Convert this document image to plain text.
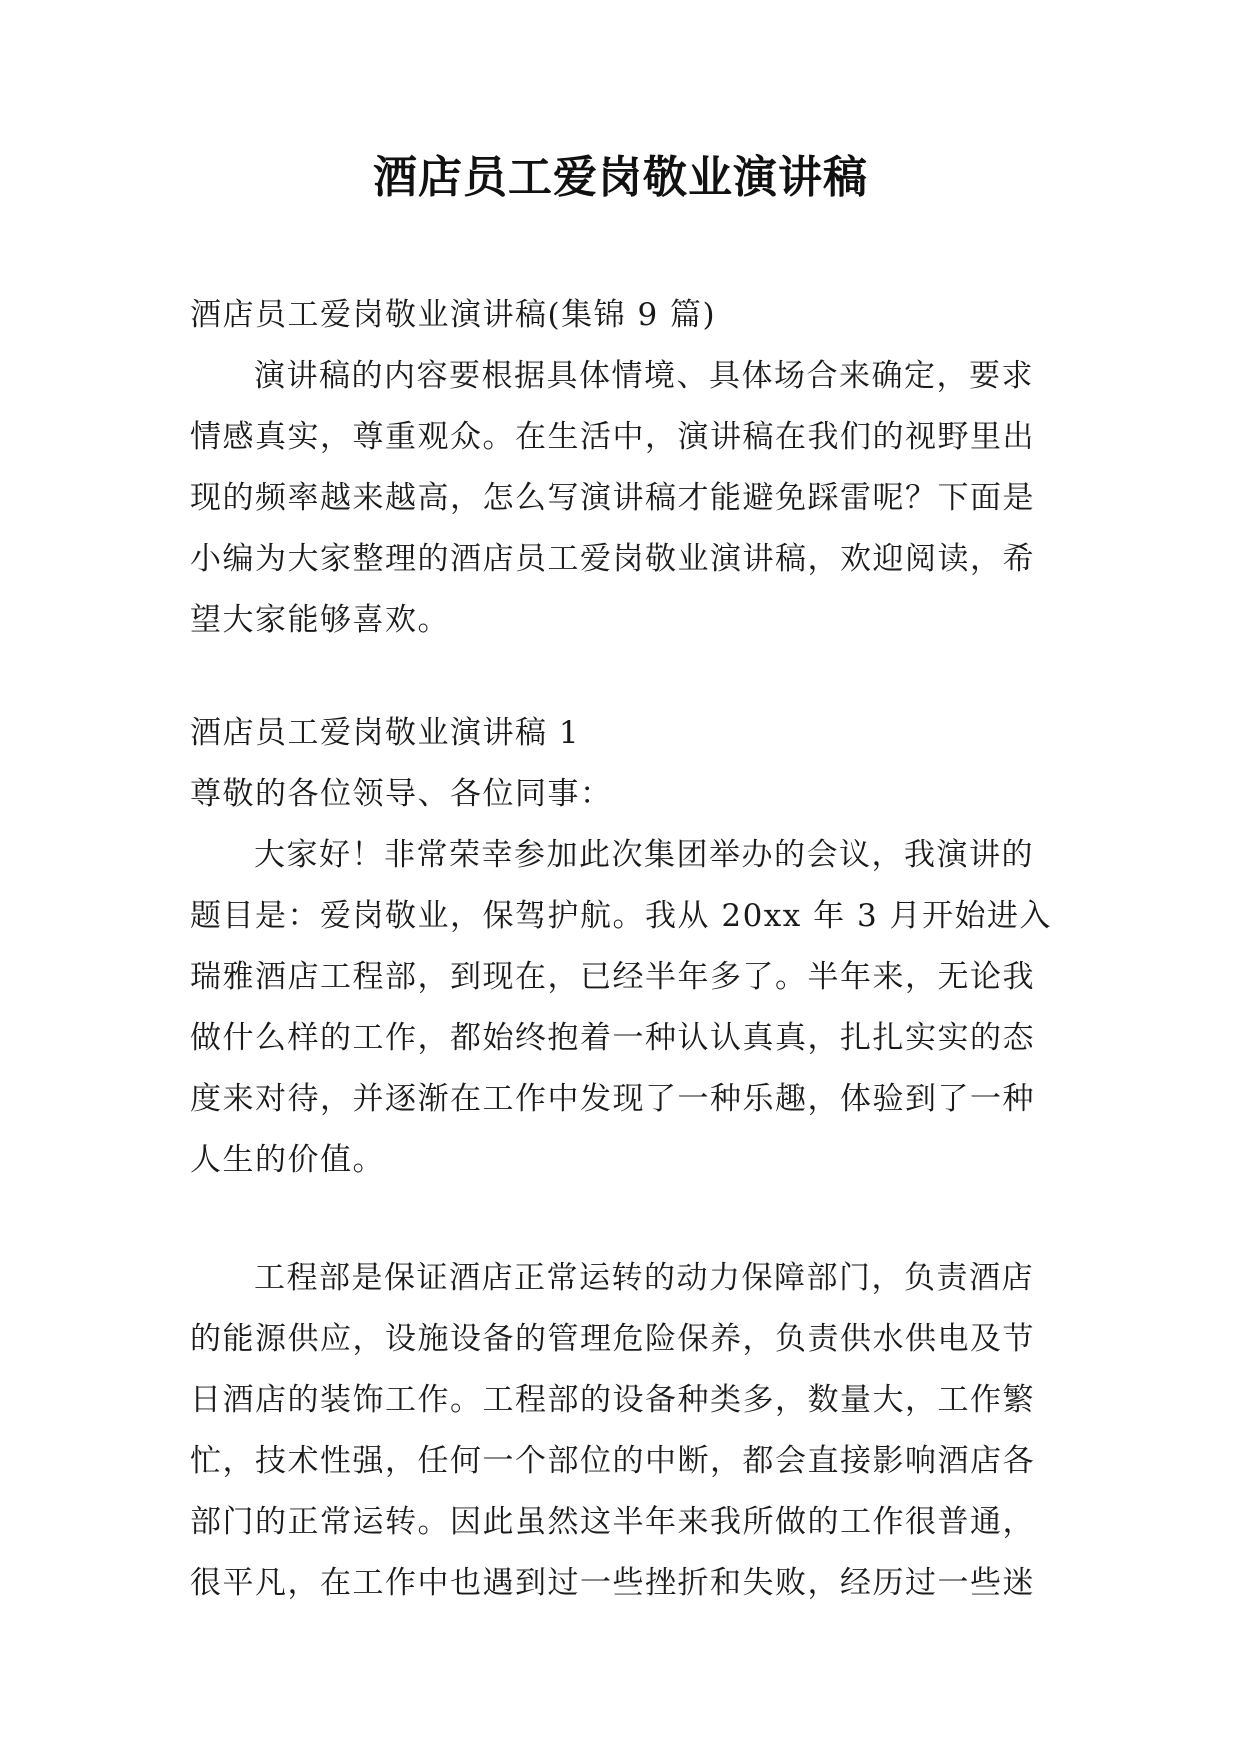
酒店员工爱岗敬业演讲稿
酒店员工爱岗敬业演讲稿(集锦 9 篇)
演讲稿的内容要根据具体情境、具体场合来确定，要求
情感真实，尊重观众。在生活中，演讲稿在我们的视野里出
现的频率越来越高，怎么写演讲稿才能避免踩雷呢？下面是
小编为大家整理的酒店员工爱岗敬业演讲稿，欢迎阅读，希
望大家能够喜欢。
酒店员工爱岗敬业演讲稿 1
尊敬的各位领导、各位同事：
大家好！非常荣幸参加此次集团举办的会议，我演讲的
题目是：爱岗敬业，保驾护航。我从 20xx 年 3 月开始进入
瑞雅酒店工程部，到现在，已经半年多了。半年来，无论我
做什么样的工作，都始终抱着一种认认真真，扎扎实实的态
度来对待，并逐渐在工作中发现了一种乐趣，体验到了一种
人生的价值。
工程部是保证酒店正常运转的动力保障部门，负责酒店
的能源供应，设施设备的管理危险保养，负责供水供电及节
日酒店的装饰工作。工程部的设备种类多，数量大，工作繁
忙，技术性强，任何一个部位的中断，都会直接影响酒店各
部门的正常运转。因此虽然这半年来我所做的工作很普通，
很平凡，在工作中也遇到过一些挫折和失败，经历过一些迷
